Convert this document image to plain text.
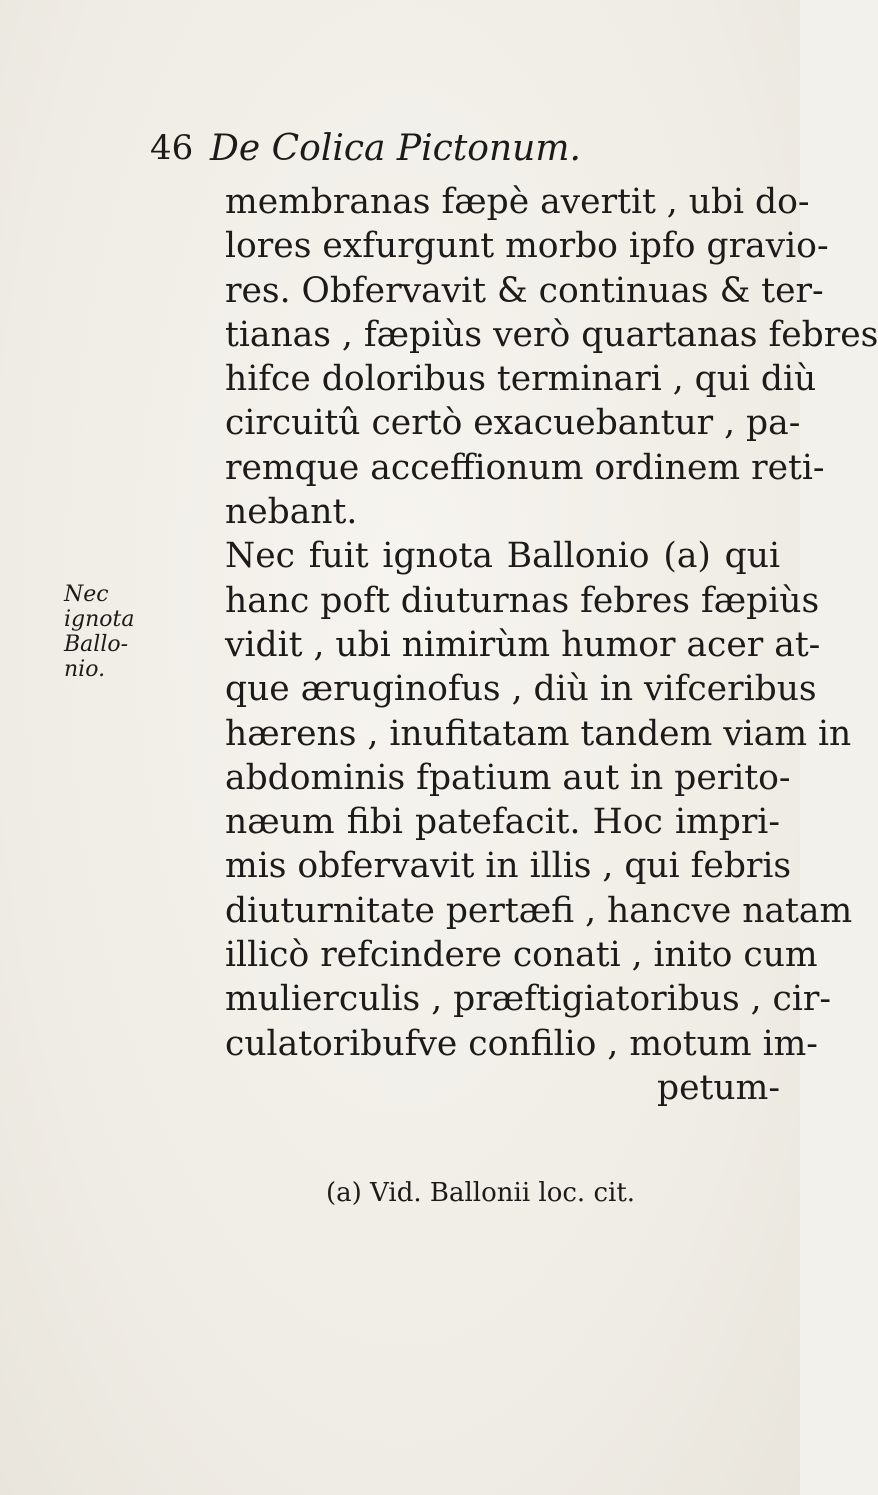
46 De Colica Pictonum.
Nec
ignota
Ballo-
nio.
membranas fæpè avertit , ubi do-
lores exfurgunt morbo ipfo gravio-
res. Obfervavit & continuas & ter-
tianas , fæpiùs verò quartanas febres
hifce doloribus terminari , qui diù
circuitû certò exacuebantur , pa-
remque acceffionum ordinem reti-
nebant.
Nec fuit ignota Ballonio (a) qui
hanc poft diuturnas febres fæpiùs
vidit , ubi nimirùm humor acer at-
que æruginofus , diù in vifceribus
hærens , inufitatam tandem viam in
abdominis fpatium aut in perito-
næum fibi patefacit. Hoc impri-
mis obfervavit in illis , qui febris
diuturnitate pertæfi , hancve natam
illicò refcindere conati , inito cum
mulierculis , præftigiatoribus , cir-
culatoribufve confilio , motum im-
petum-
(a) Vid. Ballonii loc. cit.
